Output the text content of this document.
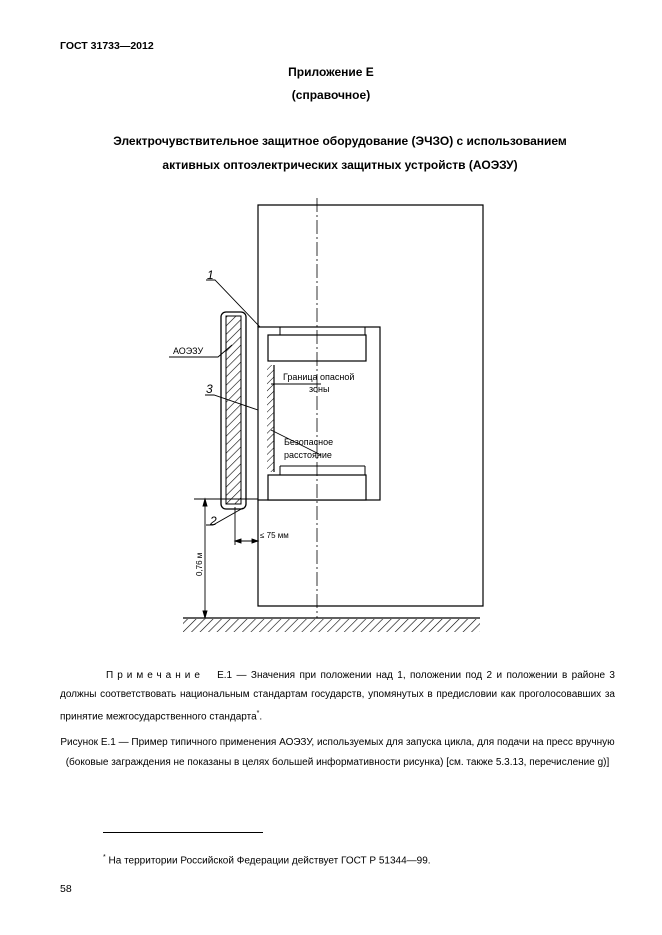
ГОСТ 31733—2012
Приложение Е
(справочное)
Электрочувствительное защитное оборудование (ЭЧЗО) с использованием
активных оптоэлектрических защитных устройств (АОЭЗУ)
1
АОЭЗУ
3
Граница опасной
зоны
Безопасное
расстояние
2
≤ 75 мм
0,76 м
Примечание Е.1 — Значения при положении над 1, положении под 2 и положении в районе 3 должны соответствовать национальным стандартам государств, упомянутых в предисловии как проголосовавших за принятие межгосударственного стандарта*.
Рисунок Е.1 — Пример типичного применения АОЭЗУ, используемых для запуска цикла, для подачи на пресс вручную (боковые заграждения не показаны в целях большей информативности рисунка) [см. также 5.3.13, перечисление g)]
* На территории Российской Федерации действует ГОСТ Р 51344—99.
58
